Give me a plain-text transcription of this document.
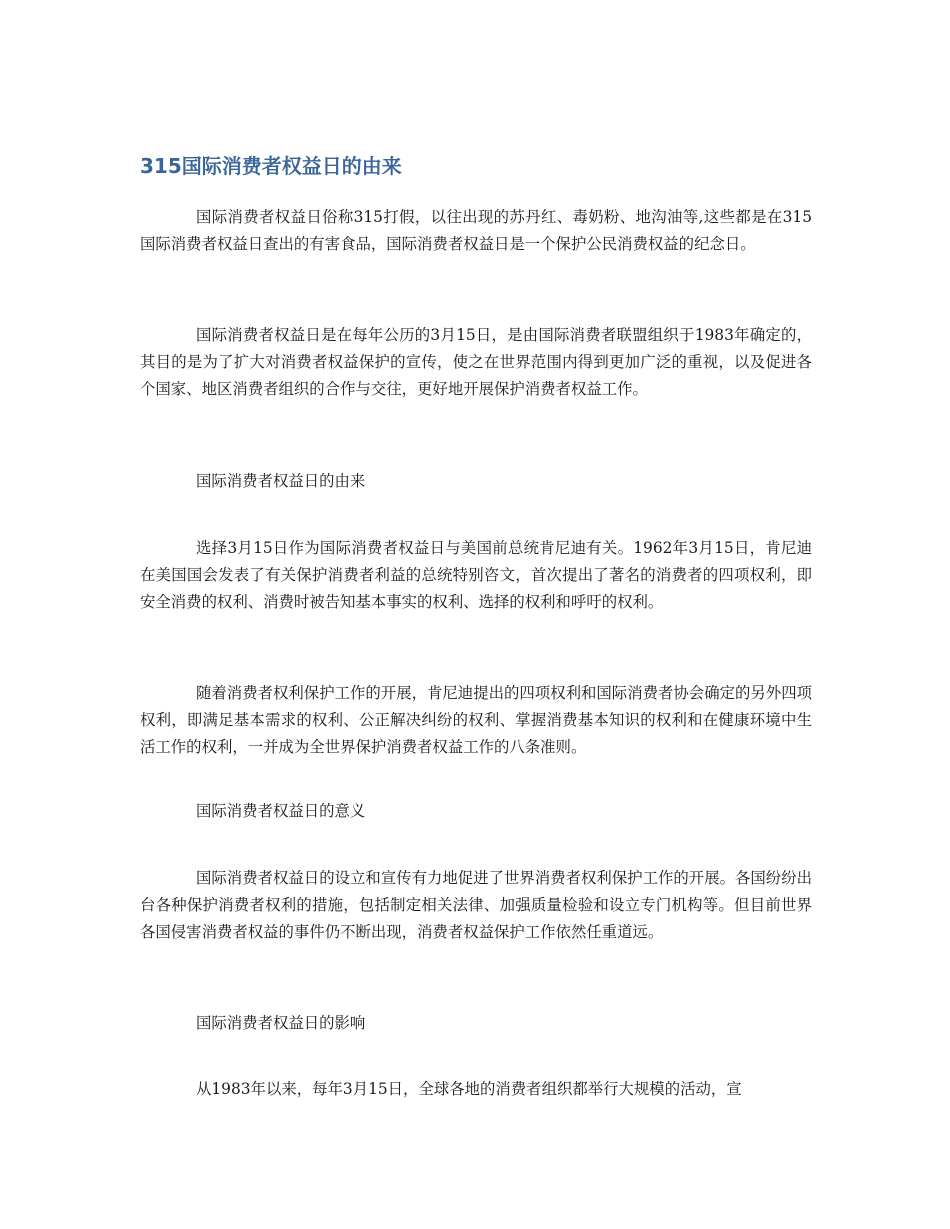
315国际消费者权益日的由来

国际消费者权益日俗称315打假，以往出现的苏丹红、毒奶粉、地沟油等,这些都是在315国际消费者权益日查出的有害食品，国际消费者权益日是一个保护公民消费权益的纪念日。

国际消费者权益日是在每年公历的3月15日，是由国际消费者联盟组织于1983年确定的，其目的是为了扩大对消费者权益保护的宣传，使之在世界范围内得到更加广泛的重视，以及促进各个国家、地区消费者组织的合作与交往，更好地开展保护消费者权益工作。

国际消费者权益日的由来

选择3月15日作为国际消费者权益日与美国前总统肯尼迪有关。1962年3月15日，肯尼迪在美国国会发表了有关保护消费者利益的总统特别咨文，首次提出了著名的消费者的四项权利，即安全消费的权利、消费时被告知基本事实的权利、选择的权利和呼吁的权利。

随着消费者权利保护工作的开展，肯尼迪提出的四项权利和国际消费者协会确定的另外四项权利，即满足基本需求的权利、公正解决纠纷的权利、掌握消费基本知识的权利和在健康环境中生活工作的权利，一并成为全世界保护消费者权益工作的八条准则。

国际消费者权益日的意义

国际消费者权益日的设立和宣传有力地促进了世界消费者权利保护工作的开展。各国纷纷出台各种保护消费者权利的措施，包括制定相关法律、加强质量检验和设立专门机构等。但目前世界各国侵害消费者权益的事件仍不断出现，消费者权益保护工作依然任重道远。

国际消费者权益日的影响

从1983年以来，每年3月15日，全球各地的消费者组织都举行大规模的活动，宣
